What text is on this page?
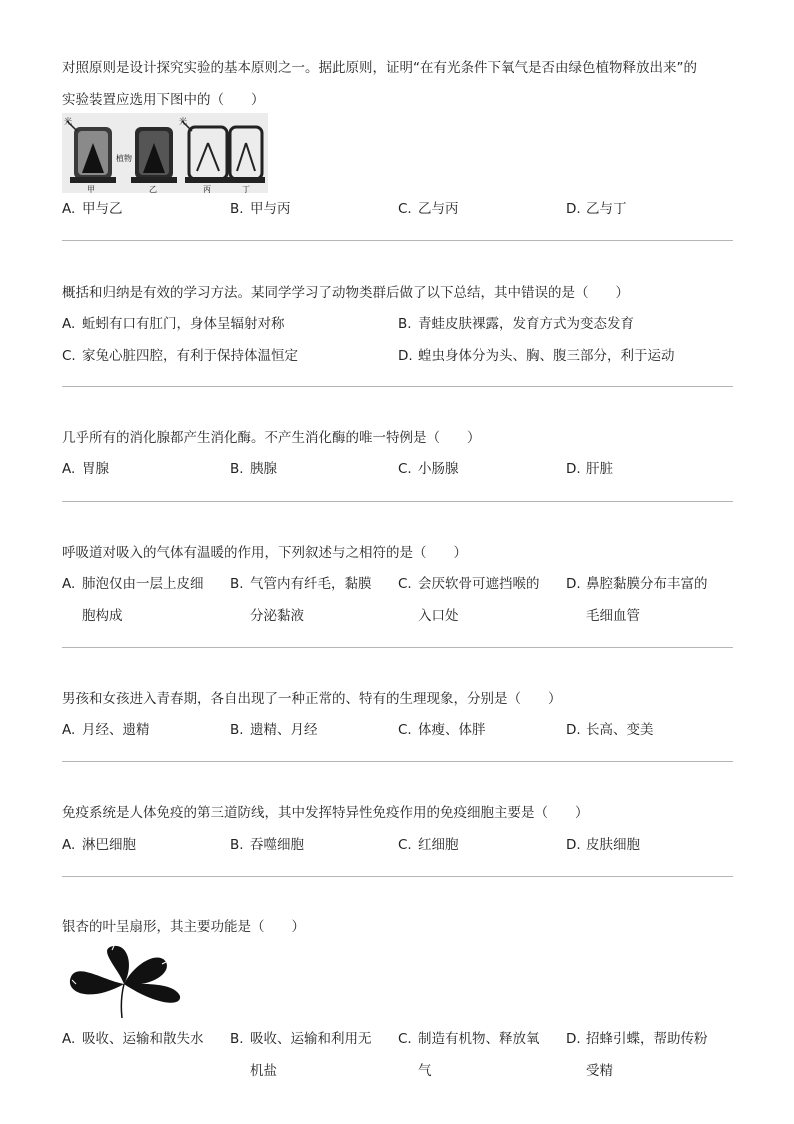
对照原则是设计探究实验的基本原则之一。据此原则，证明“在有光条件下氧气是否由绿色植物释放出来”的
实验装置应选用下图中的（　　）
光	光
植物
甲	乙	丙	丁
A. 甲与乙	B. 甲与丙	C. 乙与丙	D. 乙与丁
概括和归纳是有效的学习方法。某同学学习了动物类群后做了以下总结，其中错误的是（　　）
A. 蚯蚓有口有肛门，身体呈辐射对称	B. 青蛙皮肤裸露，发育方式为变态发育
C. 家兔心脏四腔，有利于保持体温恒定	D. 蝗虫身体分为头、胸、腹三部分，利于运动
几乎所有的消化腺都产生消化酶。不产生消化酶的唯一特例是（　　）
A. 胃腺	B. 胰腺	C. 小肠腺	D. 肝脏
呼吸道对吸入的气体有温暖的作用，下列叙述与之相符的是（　　）
A. 肺泡仅由一层上皮细胞构成
B. 气管内有纤毛，黏膜分泌黏液
C. 会厌软骨可遮挡喉的入口处
D. 鼻腔黏膜分布丰富的毛细血管
男孩和女孩进入青春期，各自出现了一种正常的、特有的生理现象，分别是（　　）
A. 月经、遗精	B. 遗精、月经	C. 体瘦、体胖	D. 长高、变美
免疫系统是人体免疫的第三道防线，其中发挥特异性免疫作用的免疫细胞主要是（　　）
A. 淋巴细胞	B. 吞噬细胞	C. 红细胞	D. 皮肤细胞
银杏的叶呈扇形，其主要功能是（　　）
A. 吸收、运输和散失水	B. 吸收、运输和利用无机盐
C. 制造有机物、释放氧气
D. 招蜂引蝶，帮助传粉受精
